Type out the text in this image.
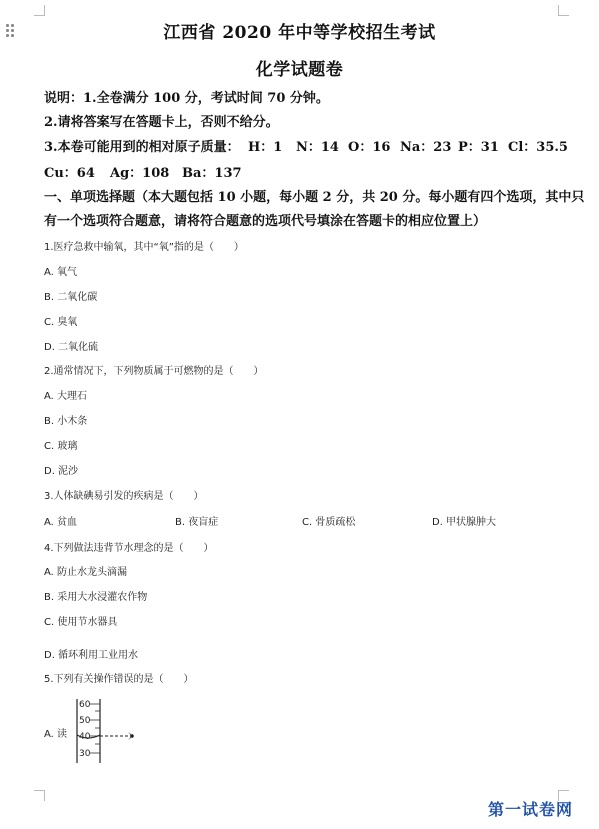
江西省 2020 年中等学校招生考试
化学试题卷
说明：1.全卷满分 100 分，考试时间 70 分钟。
2.请将答案写在答题卡上，否则不给分。
3.本卷可能用到的相对原子质量： H：1 N：14 O：16 Na：23 P：31 Cl：35.5
Cu：64 Ag：108 Ba：137
一、单项选择题（本大题包括 10 小题，每小题 2 分，共 20 分。每小题有四个选项，其中只
有一个选项符合题意，请将符合题意的选项代号填涂在答题卡的相应位置上）
1.医疗急救中输氧，其中“氧”指的是（　　）
A. 氧气
B. 二氧化碳
C. 臭氧
D. 二氧化硫
2.通常情况下，下列物质属于可燃物的是（　　）
A. 大理石
B. 小木条
C. 玻璃
D. 泥沙
3.人体缺碘易引发的疾病是（　　）
A. 贫血	B. 夜盲症	C. 骨质疏松	D. 甲状腺肿大
4.下列做法违背节水理念的是（　　）
A. 防止水龙头滴漏
B. 采用大水浸灌农作物
C. 使用节水器具
D. 循环利用工业用水
5.下列有关操作错误的是（　　）
A. 读
60
50
40
30
第一试卷网
